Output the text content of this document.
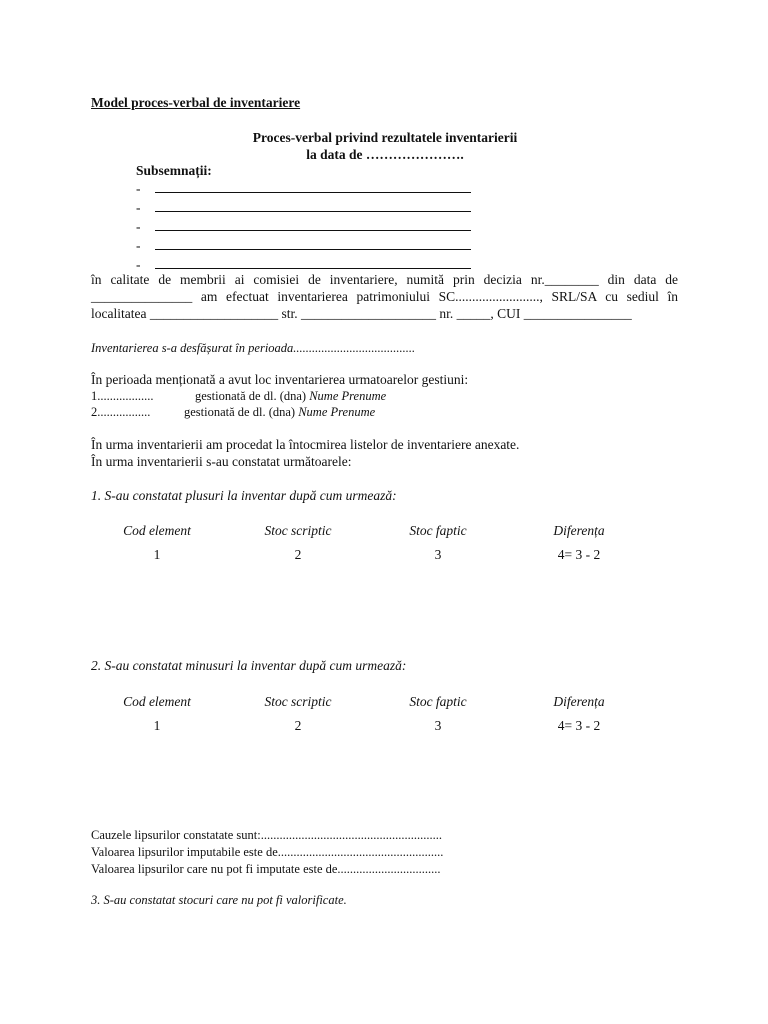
Model proces-verbal de inventariere
Proces-verbal privind rezultatele inventarierii
la data de ………………….
Subsemnații:
-
-
-
-
-
în calitate de membrii ai comisiei de inventariere, numită prin decizia nr.________ din data de
_______________ am efectuat inventarierea patrimoniului SC........................., SRL/SA cu sediul în
localitatea ___________________ str. ____________________ nr. _____, CUI ________________
Inventarierea s-a desfășurat în perioada.......................................
În perioada menționată a avut loc inventarierea urmatoarelor gestiuni:
1..................	gestionată de dl. (dna) Nume Prenume
2.................	gestionată de dl. (dna) Nume Prenume
În urma inventarierii am procedat la întocmirea listelor de inventariere anexate.
În urma inventarierii s-au constatat următoarele:
1. S-au constatat plusuri la inventar după cum urmează:
Cod element	Stoc scriptic	Stoc faptic	Diferența
1	2	3	4= 3 - 2
2. S-au constatat minusuri la inventar după cum urmează:
Cod element	Stoc scriptic	Stoc faptic	Diferența
1	2	3	4= 3 - 2
Cauzele lipsurilor constatate sunt:..........................................................
Valoarea lipsurilor imputabile este de.....................................................
Valoarea lipsurilor care nu pot fi imputate este de.................................
3. S-au constatat stocuri care nu pot fi valorificate.
